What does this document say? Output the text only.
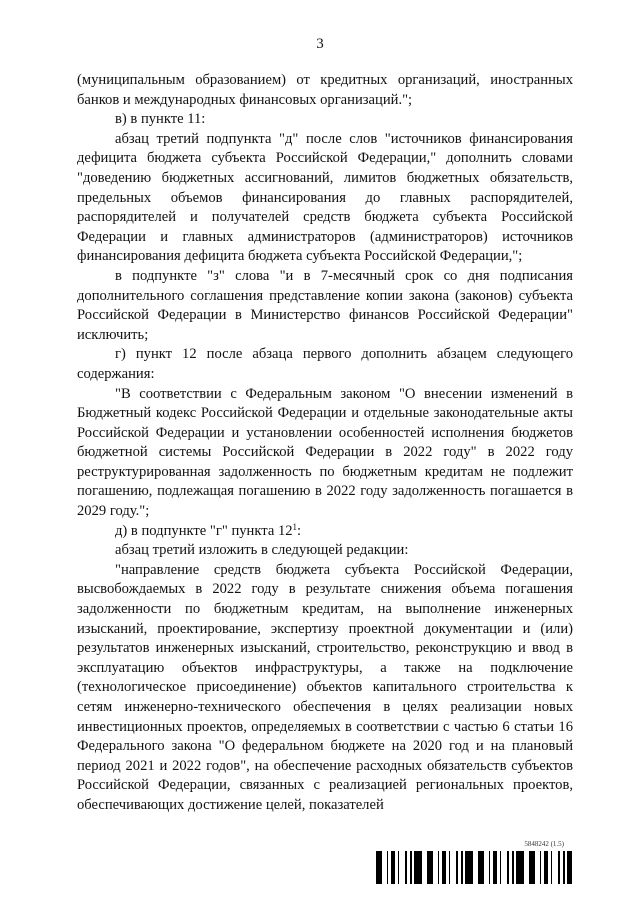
3

(муниципальным образованием) от кредитных организаций, иностранных банков и международных финансовых организаций.";

в) в пункте 11:

абзац третий подпункта "д" после слов "источников финансирования дефицита бюджета субъекта Российской Федерации," дополнить словами "доведению бюджетных ассигнований, лимитов бюджетных обязательств, предельных объемов финансирования до главных распорядителей, распорядителей и получателей средств бюджета субъекта Российской Федерации и главных администраторов (администраторов) источников финансирования дефицита бюджета субъекта Российской Федерации,";

в подпункте "з" слова "и в 7-месячный срок со дня подписания дополнительного соглашения представление копии закона (законов) субъекта Российской Федерации в Министерство финансов Российской Федерации" исключить;

г) пункт 12 после абзаца первого дополнить абзацем следующего содержания:

"В соответствии с Федеральным законом "О внесении изменений в Бюджетный кодекс Российской Федерации и отдельные законодательные акты Российской Федерации и установлении особенностей исполнения бюджетов бюджетной системы Российской Федерации в 2022 году" в 2022 году реструктурированная задолженность по бюджетным кредитам не подлежит погашению, подлежащая погашению в 2022 году задолженность погашается в 2029 году.";

д) в подпункте "г" пункта $12^1$:

абзац третий изложить в следующей редакции:

"направление средств бюджета субъекта Российской Федерации, высвобождаемых в 2022 году в результате снижения объема погашения задолженности по бюджетным кредитам, на выполнение инженерных изысканий, проектирование, экспертизу проектной документации и (или) результатов инженерных изысканий, строительство, реконструкцию и ввод в эксплуатацию объектов инфраструктуры, а также на подключение (технологическое присоединение) объектов капитального строительства к сетям инженерно-технического обеспечения в целях реализации новых инвестиционных проектов, определяемых в соответствии с частью 6 статьи 16 Федерального закона "О федеральном бюджете на 2020 год и на плановый период 2021 и 2022 годов", на обеспечение расходных обязательств субъектов Российской Федерации, связанных с реализацией региональных проектов, обеспечивающих достижение целей, показателей

5848242 (1.5)
